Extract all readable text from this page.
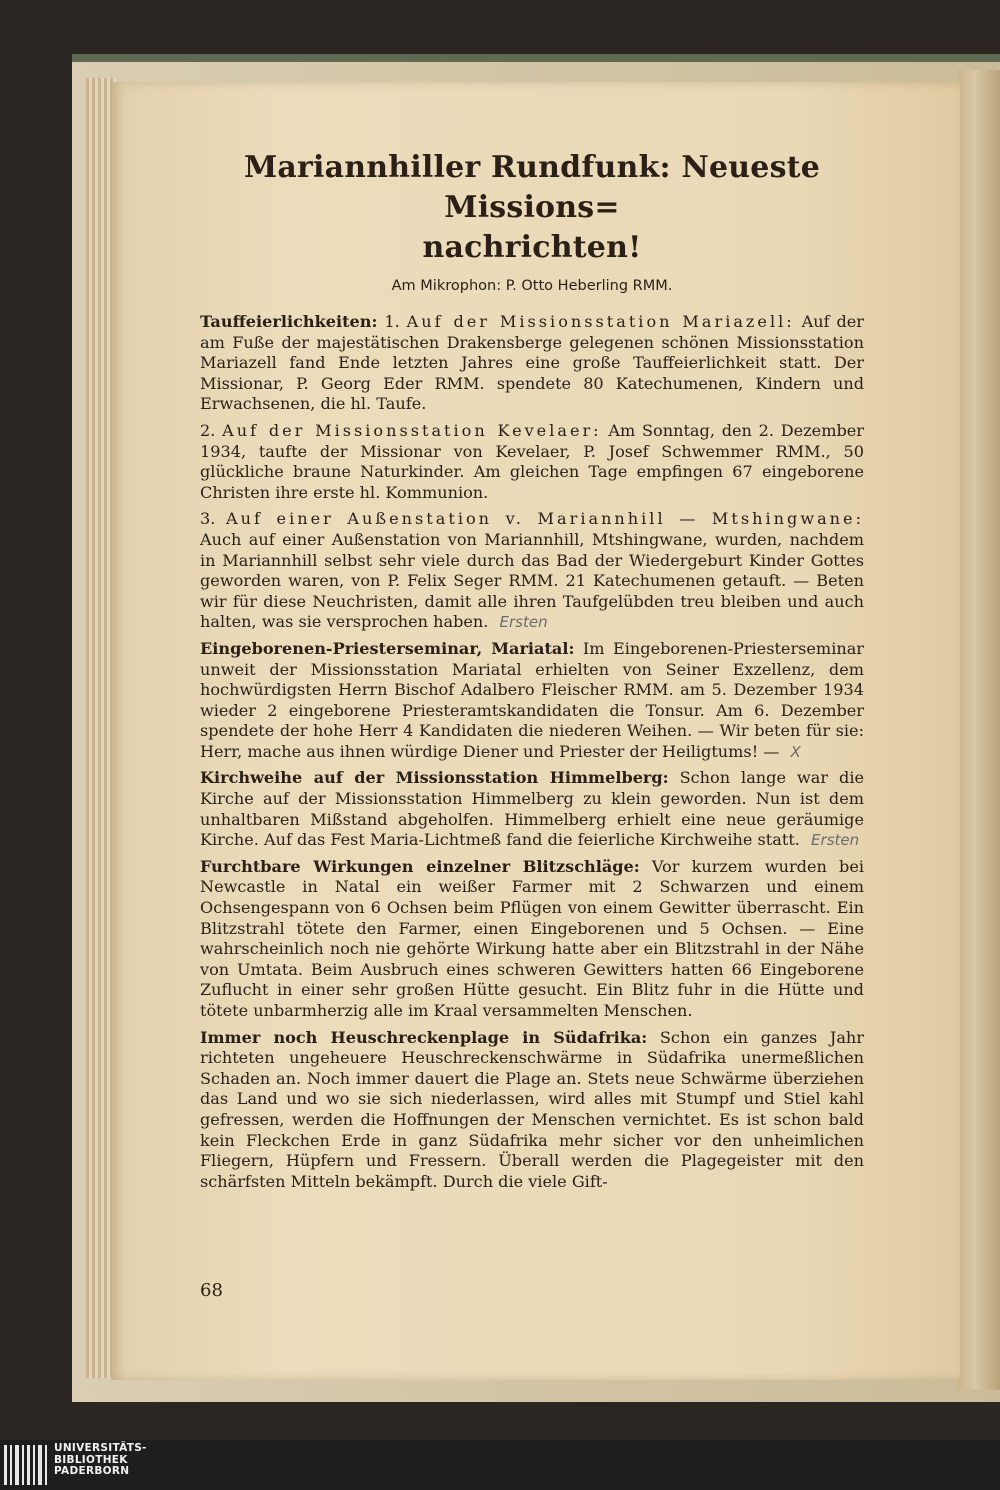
Mariannhiller Rundfunk: Neueste Missions=
nachrichten!
Am Mikrophon: P. Otto Heberling RMM.

Tauffeierlichkeiten: 1. Auf der Missionsstation Mariazell: Auf der am Fuße der majestätischen Drakensberge gelegenen schönen Missionsstation Mariazell fand Ende letzten Jahres eine große Tauffeierlichkeit statt. Der Missionar, P. Georg Eder RMM. spendete 80 Katechumenen, Kindern und Erwachsenen, die hl. Taufe.

2. Auf der Missionsstation Kevelaer: Am Sonntag, den 2. Dezember 1934, taufte der Missionar von Kevelaer, P. Josef Schwemmer RMM., 50 glückliche braune Naturkinder. Am gleichen Tage empfingen 67 eingeborene Christen ihre erste hl. Kommunion.

3. Auf einer Außenstation v. Mariannhill — Mtshingwane: Auch auf einer Außenstation von Mariannhill, Mtshingwane, wurden, nachdem in Mariannhill selbst sehr viele durch das Bad der Wiedergeburt Kinder Gottes geworden waren, von P. Felix Seger RMM. 21 Katechumenen getauft. — Beten wir für diese Neuchristen, damit alle ihren Taufgelübden treu bleiben und auch halten, was sie versprochen haben. Ersten

Eingeborenen-Priesterseminar, Mariatal: Im Eingeborenen-Priesterseminar unweit der Missionsstation Mariatal erhielten von Seiner Exzellenz, dem hochwürdigsten Herrn Bischof Adalbero Fleischer RMM. am 5. Dezember 1934 wieder 2 eingeborene Priesteramtskandidaten die Tonsur. Am 6. Dezember spendete der hohe Herr 4 Kandidaten die niederen Weihen. — Wir beten für sie: Herr, mache aus ihnen würdige Diener und Priester der Heiligtums! — X

Kirchweihe auf der Missionsstation Himmelberg: Schon lange war die Kirche auf der Missionsstation Himmelberg zu klein geworden. Nun ist dem unhaltbaren Mißstand abgeholfen. Himmelberg erhielt eine neue geräumige Kirche. Auf das Fest Maria-Lichtmeß fand die feierliche Kirchweihe statt. Ersten

Furchtbare Wirkungen einzelner Blitzschläge: Vor kurzem wurden bei Newcastle in Natal ein weißer Farmer mit 2 Schwarzen und einem Ochsengespann von 6 Ochsen beim Pflügen von einem Gewitter überrascht. Ein Blitzstrahl tötete den Farmer, einen Eingeborenen und 5 Ochsen. — Eine wahrscheinlich noch nie gehörte Wirkung hatte aber ein Blitzstrahl in der Nähe von Umtata. Beim Ausbruch eines schweren Gewitters hatten 66 Eingeborene Zuflucht in einer sehr großen Hütte gesucht. Ein Blitz fuhr in die Hütte und tötete unbarmherzig alle im Kraal versammelten Menschen.

Immer noch Heuschreckenplage in Südafrika: Schon ein ganzes Jahr richteten ungeheuere Heuschreckenschwärme in Südafrika unermeßlichen Schaden an. Noch immer dauert die Plage an. Stets neue Schwärme überziehen das Land und wo sie sich niederlassen, wird alles mit Stumpf und Stiel kahl gefressen, werden die Hoffnungen der Menschen vernichtet. Es ist schon bald kein Fleckchen Erde in ganz Südafrika mehr sicher vor den unheimlichen Fliegern, Hüpfern und Fressern. Überall werden die Plagegeister mit den schärfsten Mitteln bekämpft. Durch die viele Gift-

68
UNIVERSITÄTS-
BIBLIOTHEK
PADERBORN
